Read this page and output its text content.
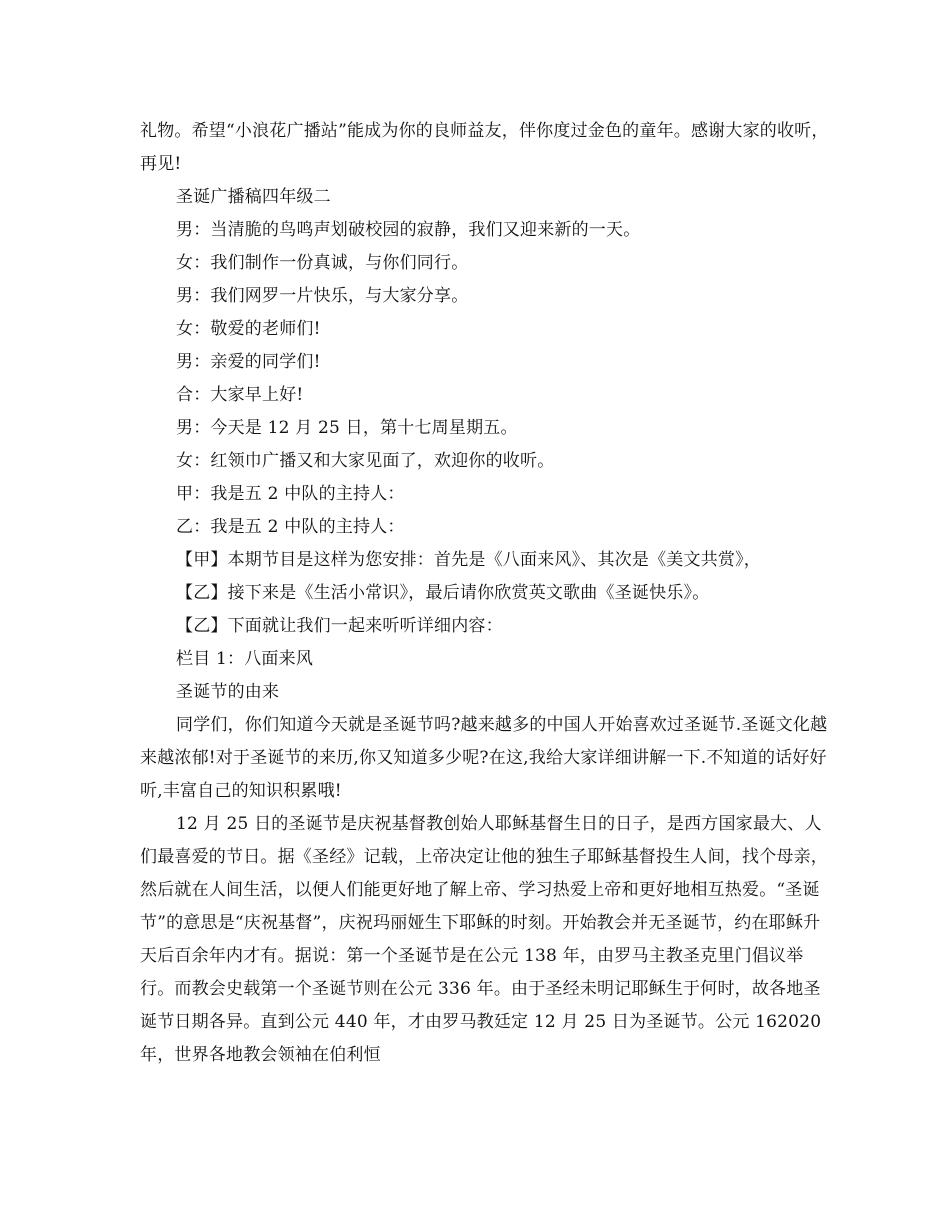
礼物。希望“小浪花广播站”能成为你的良师益友，伴你度过金色的童年。感谢大家的收听，再见!

圣诞广播稿四年级二

男：当清脆的鸟鸣声划破校园的寂静，我们又迎来新的一天。

女：我们制作一份真诚，与你们同行。

男：我们网罗一片快乐，与大家分享。

女：敬爱的老师们!

男：亲爱的同学们!

合：大家早上好!

男：今天是 12 月 25 日，第十七周星期五。

女：红领巾广播又和大家见面了，欢迎你的收听。

甲：我是五 2 中队的主持人：

乙：我是五 2 中队的主持人：

【甲】本期节目是这样为您安排：首先是《八面来风》、其次是《美文共赏》，

【乙】接下来是《生活小常识》，最后请你欣赏英文歌曲《圣诞快乐》。

【乙】下面就让我们一起来听听详细内容：

栏目 1：八面来风

圣诞节的由来

同学们，你们知道今天就是圣诞节吗?越来越多的中国人开始喜欢过圣诞节.圣诞文化越来越浓郁!对于圣诞节的来历,你又知道多少呢?在这,我给大家详细讲解一下.不知道的话好好听,丰富自己的知识积累哦!

12 月 25 日的圣诞节是庆祝基督教创始人耶稣基督生日的日子，是西方国家最大、人们最喜爱的节日。据《圣经》记载，上帝决定让他的独生子耶稣基督投生人间，找个母亲，然后就在人间生活，以便人们能更好地了解上帝、学习热爱上帝和更好地相互热爱。“圣诞节”的意思是“庆祝基督”，庆祝玛丽娅生下耶稣的时刻。开始教会并无圣诞节，约在耶稣升天后百余年内才有。据说：第一个圣诞节是在公元 138 年，由罗马主教圣克里门倡议举行。而教会史载第一个圣诞节则在公元 336 年。由于圣经未明记耶稣生于何时，故各地圣诞节日期各异。直到公元 440 年，才由罗马教廷定 12 月 25 日为圣诞节。公元 162020 年，世界各地教会领袖在伯利恒
